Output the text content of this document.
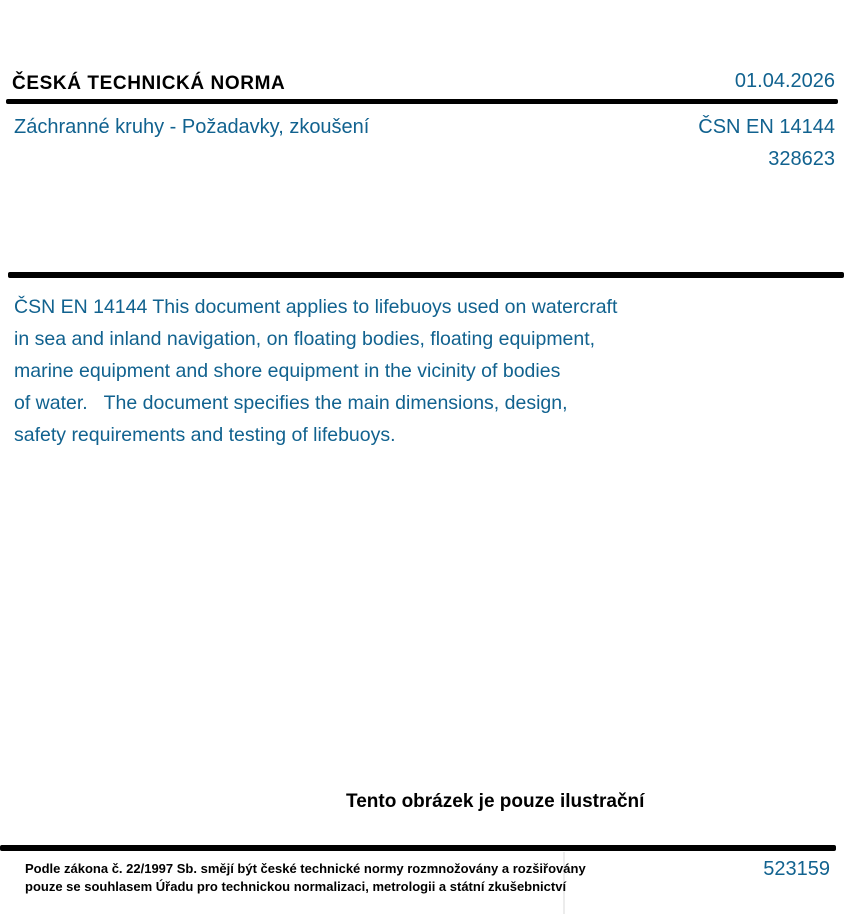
ČESKÁ TECHNICKÁ NORMA	01.04.2026
Záchranné kruhy - Požadavky, zkoušení	ČSN EN 14144
328623
ČSN EN 14144 This document applies to lifebuoys used on watercraft
in sea and inland navigation, on floating bodies, floating equipment,
marine equipment and shore equipment in the vicinity of bodies
of water.   The document specifies the main dimensions, design,
safety requirements and testing of lifebuoys.
Tento obrázek je pouze ilustrační
Podle zákona č. 22/1997 Sb. smějí být české technické normy rozmnožovány a rozšiřovány
pouze se souhlasem Úřadu pro technickou normalizaci, metrologii a státní zkušebnictví
523159
